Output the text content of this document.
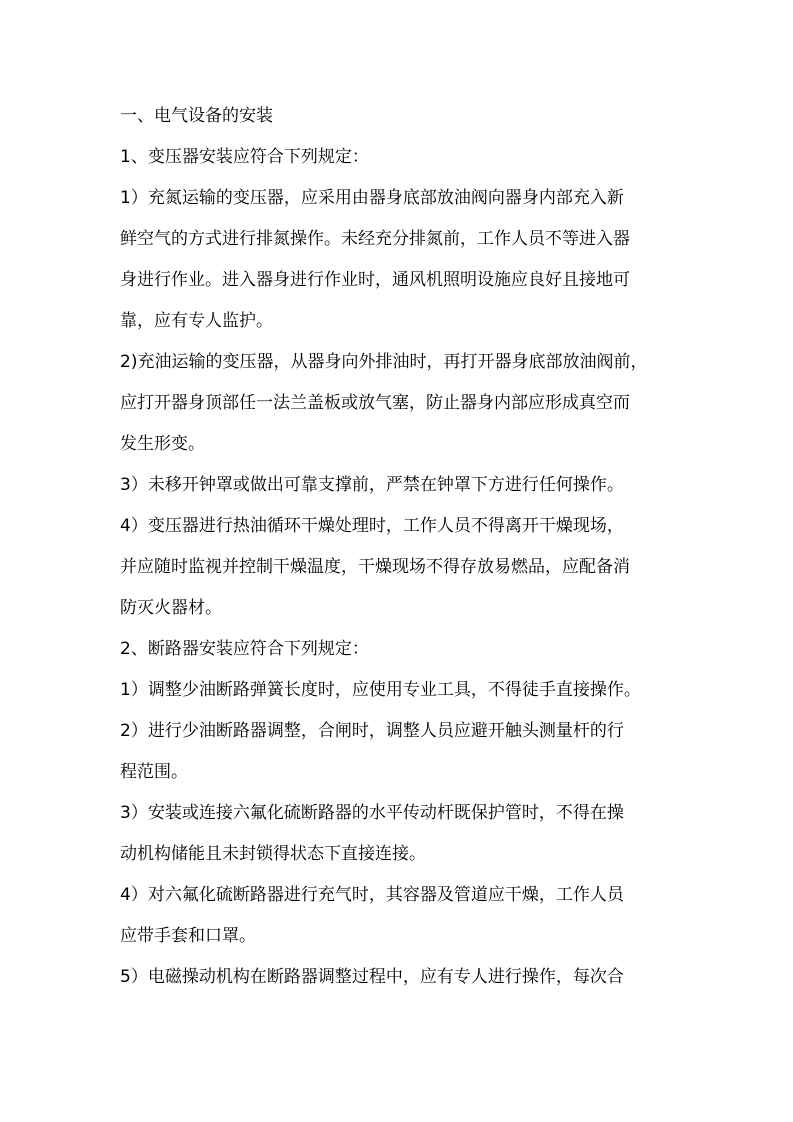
一、电气设备的安装
1、变压器安装应符合下列规定：
1）充氮运输的变压器，应采用由器身底部放油阀向器身内部充入新
鲜空气的方式进行排氮操作。未经充分排氮前，工作人员不等进入器
身进行作业。进入器身进行作业时，通风机照明设施应良好且接地可
靠，应有专人监护。
2)充油运输的变压器，从器身向外排油时，再打开器身底部放油阀前，
应打开器身顶部任一法兰盖板或放气塞，防止器身内部应形成真空而
发生形变。
3）未移开钟罩或做出可靠支撑前，严禁在钟罩下方进行任何操作。
4）变压器进行热油循环干燥处理时，工作人员不得离开干燥现场，
并应随时监视并控制干燥温度，干燥现场不得存放易燃品，应配备消
防灭火器材。
2、断路器安装应符合下列规定：
1）调整少油断路弹簧长度时，应使用专业工具，不得徒手直接操作。
2）进行少油断路器调整，合闸时，调整人员应避开触头测量杆的行
程范围。
3）安装或连接六氟化硫断路器的水平传动杆既保护管时，不得在操
动机构储能且未封锁得状态下直接连接。
4）对六氟化硫断路器进行充气时，其容器及管道应干燥，工作人员
应带手套和口罩。
5）电磁操动机构在断路器调整过程中，应有专人进行操作，每次合
